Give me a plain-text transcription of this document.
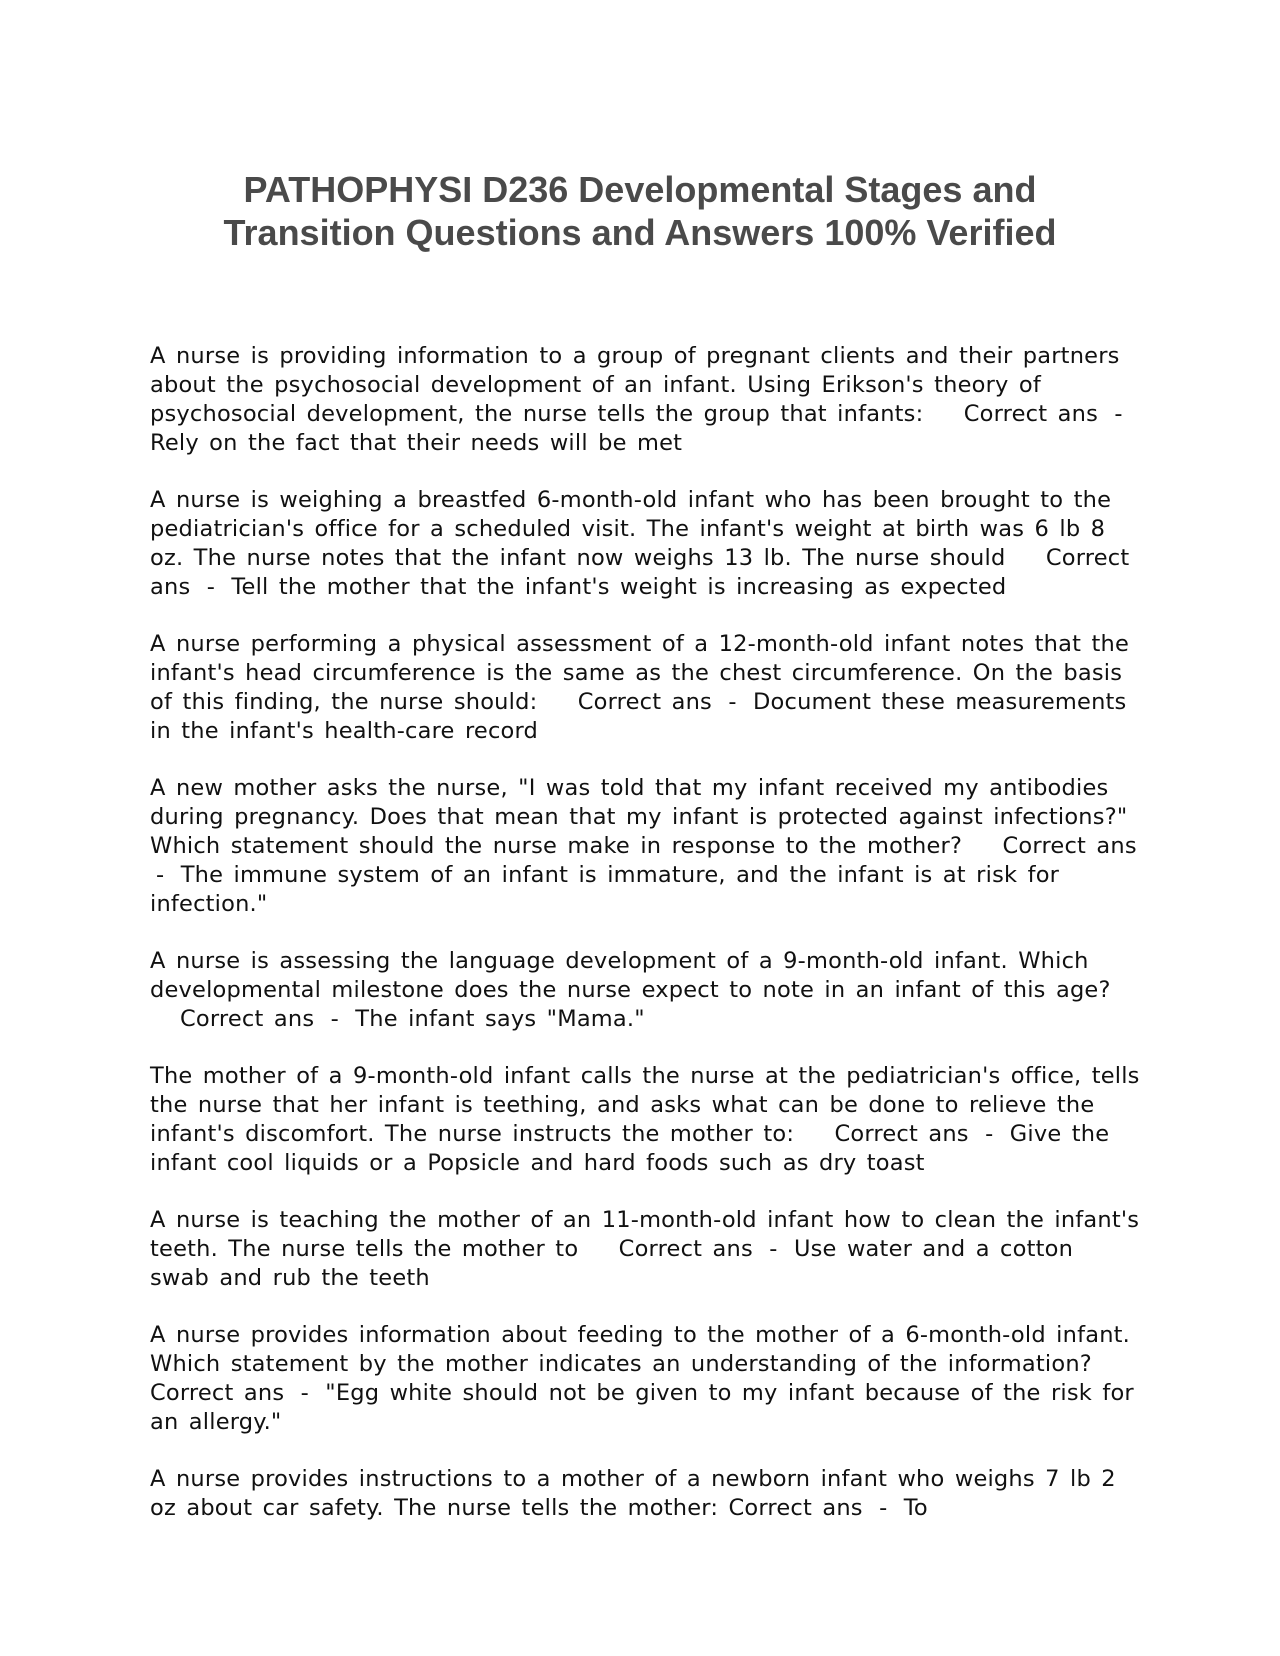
PATHOPHYSI D236 Developmental Stages and
Transition Questions and Answers 100% Verified

A nurse is providing information to a group of pregnant clients and their partners about the psychosocial development of an infant. Using Erikson's theory of psychosocial development, the nurse tells the group that infants: Correct ans - Rely on the fact that their needs will be met

A nurse is weighing a breastfed 6-month-old infant who has been brought to the pediatrician's office for a scheduled visit. The infant's weight at birth was 6 lb 8 oz. The nurse notes that the infant now weighs 13 lb. The nurse should Correct ans - Tell the mother that the infant's weight is increasing as expected

A nurse performing a physical assessment of a 12-month-old infant notes that the infant's head circumference is the same as the chest circumference. On the basis of this finding, the nurse should: Correct ans - Document these measurements in the infant's health-care record

A new mother asks the nurse, "I was told that my infant received my antibodies during pregnancy. Does that mean that my infant is protected against infections?" Which statement should the nurse make in response to the mother? Correct ans - The immune system of an infant is immature, and the infant is at risk for infection."

A nurse is assessing the language development of a 9-month-old infant. Which developmental milestone does the nurse expect to note in an infant of this age? Correct ans - The infant says "Mama."

The mother of a 9-month-old infant calls the nurse at the pediatrician's office, tells the nurse that her infant is teething, and asks what can be done to relieve the infant's discomfort. The nurse instructs the mother to: Correct ans - Give the infant cool liquids or a Popsicle and hard foods such as dry toast

A nurse is teaching the mother of an 11-month-old infant how to clean the infant's teeth. The nurse tells the mother to Correct ans - Use water and a cotton swab and rub the teeth

A nurse provides information about feeding to the mother of a 6-month-old infant. Which statement by the mother indicates an understanding of the information? Correct ans - "Egg white should not be given to my infant because of the risk for an allergy."

A nurse provides instructions to a mother of a newborn infant who weighs 7 lb 2 oz about car safety. The nurse tells the mother: Correct ans - To
